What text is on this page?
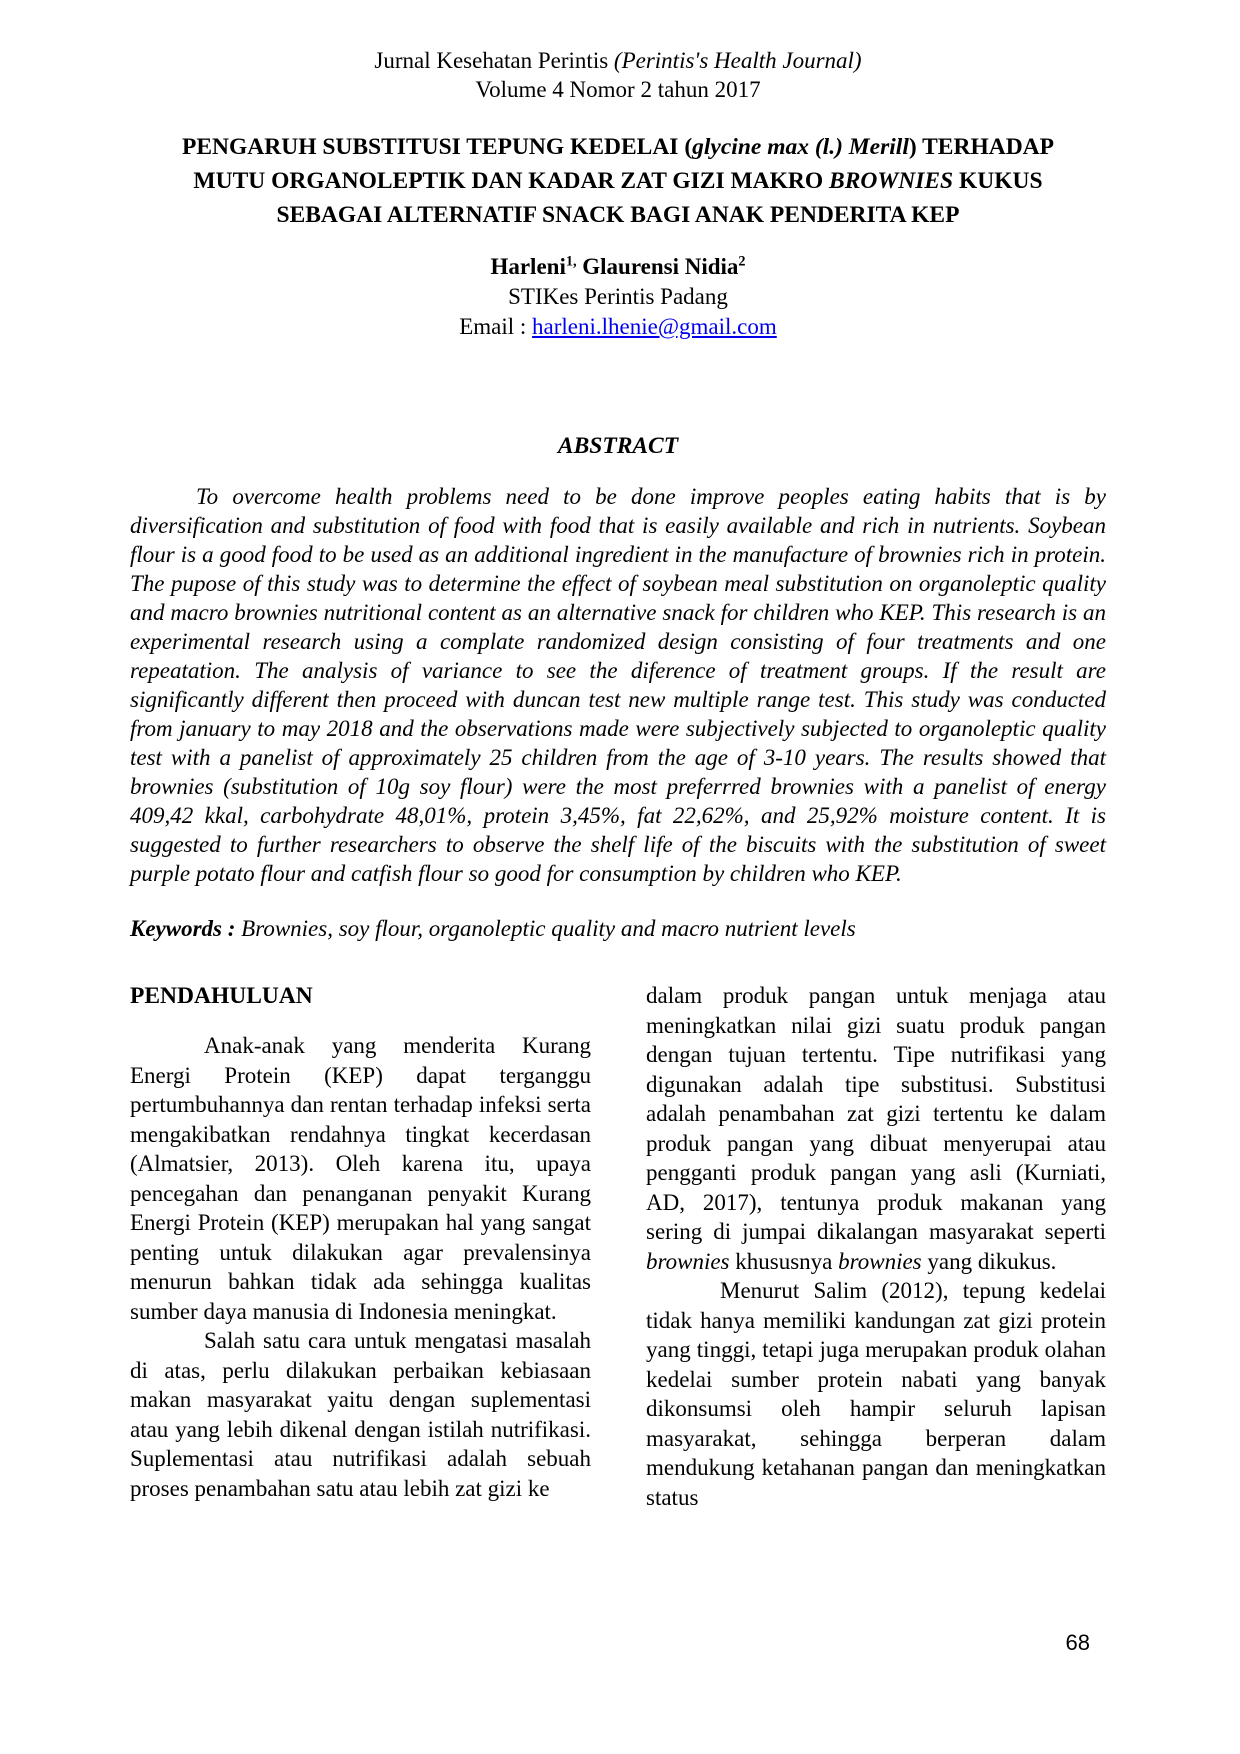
Jurnal Kesehatan Perintis (Perintis's Health Journal)
Volume 4 Nomor 2 tahun 2017
PENGARUH SUBSTITUSI TEPUNG KEDELAI (glycine max (l.) Merill) TERHADAP
MUTU ORGANOLEPTIK DAN KADAR ZAT GIZI MAKRO BROWNIES KUKUS
SEBAGAI ALTERNATIF SNACK BAGI ANAK PENDERITA KEP
Harleni$^{1,}$ Glaurensi Nidia$^2$
STIKes Perintis Padang
Email : harleni.lhenie@gmail.com
ABSTRACT

To overcome health problems need to be done improve peoples eating habits that is by diversification and substitution of food with food that is easily available and rich in nutrients. Soybean flour is a good food to be used as an additional ingredient in the manufacture of brownies rich in protein. The pupose of this study was to determine the effect of soybean meal substitution on organoleptic quality and macro brownies nutritional content as an alternative snack for children who KEP. This research is an experimental research using a complate randomized design consisting of four treatments and one repeatation. The analysis of variance to see the diference of treatment groups. If the result are significantly different then proceed with duncan test new multiple range test. This study was conducted from january to may 2018 and the observations made were subjectively subjected to organoleptic quality test with a panelist of approximately 25 children from the age of 3-10 years. The results showed that brownies (substitution of 10g soy flour) were the most preferrred brownies with a panelist of energy 409,42 kkal, carbohydrate 48,01%, protein 3,45%, fat 22,62%, and 25,92% moisture content. It is suggested to further researchers to observe the shelf life of the biscuits with the substitution of sweet purple potato flour and catfish flour so good for consumption by children who KEP.

Keywords : Brownies, soy flour, organoleptic quality and macro nutrient levels
PENDAHULUAN

Anak-anak yang menderita Kurang Energi Protein (KEP) dapat terganggu pertumbuhannya dan rentan terhadap infeksi serta mengakibatkan rendahnya tingkat kecerdasan (Almatsier, 2013). Oleh karena itu, upaya pencegahan dan penanganan penyakit Kurang Energi Protein (KEP) merupakan hal yang sangat penting untuk dilakukan agar prevalensinya menurun bahkan tidak ada sehingga kualitas sumber daya manusia di Indonesia meningkat.

Salah satu cara untuk mengatasi masalah di atas, perlu dilakukan perbaikan kebiasaan makan masyarakat yaitu dengan suplementasi atau yang lebih dikenal dengan istilah nutrifikasi. Suplementasi atau nutrifikasi adalah sebuah proses penambahan satu atau lebih zat gizi ke

dalam produk pangan untuk menjaga atau meningkatkan nilai gizi suatu produk pangan dengan tujuan tertentu. Tipe nutrifikasi yang digunakan adalah tipe substitusi. Substitusi adalah penambahan zat gizi tertentu ke dalam produk pangan yang dibuat menyerupai atau pengganti produk pangan yang asli (Kurniati, AD, 2017), tentunya produk makanan yang sering di jumpai dikalangan masyarakat seperti brownies khususnya brownies yang dikukus.

Menurut Salim (2012), tepung kedelai tidak hanya memiliki kandungan zat gizi protein yang tinggi, tetapi juga merupakan produk olahan kedelai sumber protein nabati yang banyak dikonsumsi oleh hampir seluruh lapisan masyarakat, sehingga berperan dalam mendukung ketahanan pangan dan meningkatkan status

68
